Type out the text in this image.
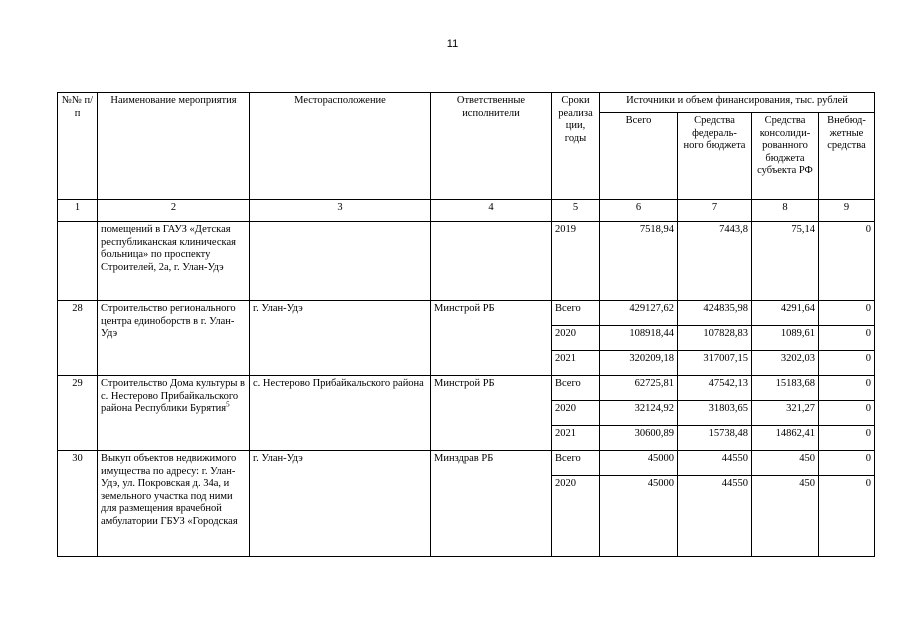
11
№№ п/п	Наименование мероприятия	Месторасположение	Ответственные исполнители	Сроки реализа ции, годы	Источники и объем финансирования, тыс. рублей			
					Всего	Средства федераль- ного бюджета	Средства консолиди- рованного бюджета субъекта РФ	Внебюд- жетные средства
1	2	3	4	5	6	7	8	9
	помещений в ГАУЗ «Детская республиканская клиническая больница» по проспекту Строителей, 2а, г. Улан-Удэ			2019	7518,94	7443,8	75,14	0
28	Строительство регионального центра единоборств в г. Улан-Удэ	г. Улан-Удэ	Минстрой РБ	Всего	429127,62	424835,98	4291,64	0
				2020	108918,44	107828,83	1089,61	0
				2021	320209,18	317007,15	3202,03	0
29	Строительство Дома культуры в с. Нестерово Прибайкальского района Республики Бурятия$^5$	с. Нестерово Прибайкальского района	Минстрой РБ	Всего	62725,81	47542,13	15183,68	0
				2020	32124,92	31803,65	321,27	0
				2021	30600,89	15738,48	14862,41	0
30	Выкуп объектов недвижимого имущества по адресу: г. Улан-Удэ, ул. Покровская д. 34а, и земельного участка под ними для размещения врачебной амбулатории ГБУЗ «Городская	г. Улан-Удэ	Минздрав РБ	Всего	45000	44550	450	0
				2020	45000	44550	450	0
